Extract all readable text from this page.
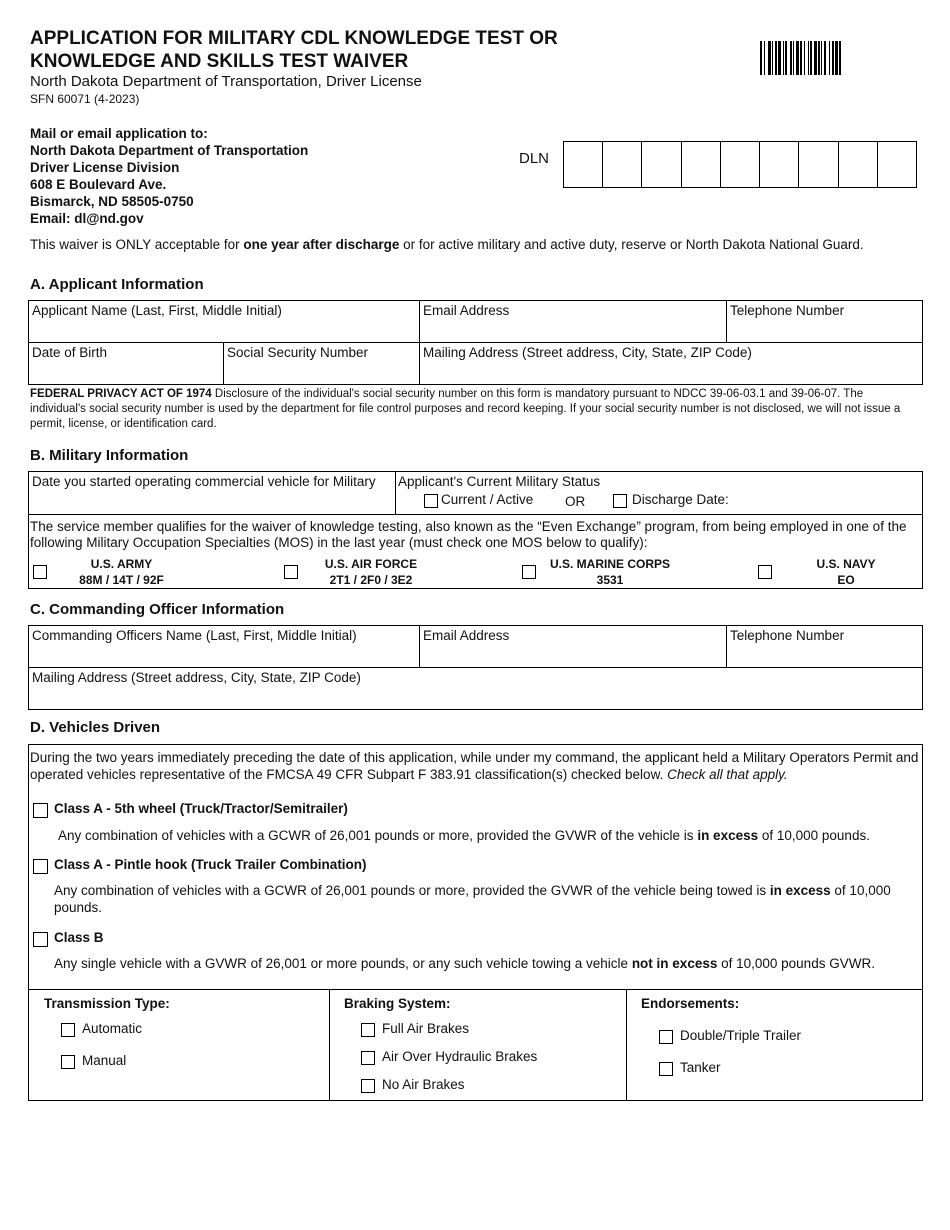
APPLICATION FOR MILITARY CDL KNOWLEDGE TEST OR KNOWLEDGE AND SKILLS TEST WAIVER
North Dakota Department of Transportation, Driver License
SFN 60071 (4-2023)
Mail or email application to:
North Dakota Department of Transportation
Driver License Division
608 E Boulevard Ave.
Bismarck, ND 58505-0750
Email: dl@nd.gov
DLN
This waiver is ONLY acceptable for one year after discharge or for active military and active duty, reserve or North Dakota National Guard.
A. Applicant Information
Applicant Name (Last, First, Middle Initial)	Email Address	Telephone Number
Date of Birth	Social Security Number	Mailing Address (Street address, City, State, ZIP Code)
FEDERAL PRIVACY ACT OF 1974 Disclosure of the individual's social security number on this form is mandatory pursuant to NDCC 39-06-03.1 and 39-06-07. The individual's social security number is used by the department for file control purposes and record keeping. If your social security number is not disclosed, we will not issue a permit, license, or identification card.
B. Military Information
Date you started operating commercial vehicle for Military	Applicant's Current Military Status
Current / Active OR	Discharge Date:
The service member qualifies for the waiver of knowledge testing, also known as the “Even Exchange” program, from being employed in one of the following Military Occupation Specialties (MOS) in the last year (must check one MOS below to qualify):
U.S. ARMY
88M / 14T / 92F
U.S. AIR FORCE
2T1 / 2F0 / 3E2
U.S. MARINE CORPS
3531
U.S. NAVY
EO
C. Commanding Officer Information
Commanding Officers Name (Last, First, Middle Initial)	Email Address	Telephone Number
Mailing Address (Street address, City, State, ZIP Code)
D. Vehicles Driven
During the two years immediately preceding the date of this application, while under my command, the applicant held a Military Operators Permit and operated vehicles representative of the FMCSA 49 CFR Subpart F 383.91 classification(s) checked below. Check all that apply.
Class A - 5th wheel (Truck/Tractor/Semitrailer)
Any combination of vehicles with a GCWR of 26,001 pounds or more, provided the GVWR of the vehicle is in excess of 10,000 pounds.
Class A - Pintle hook (Truck Trailer Combination)
Any combination of vehicles with a GCWR of 26,001 pounds or more, provided the GVWR of the vehicle being towed is in excess of 10,000 pounds.
Class B
Any single vehicle with a GVWR of 26,001 or more pounds, or any such vehicle towing a vehicle not in excess of 10,000 pounds GVWR.
Transmission Type:
Automatic
Manual
Braking System:
Full Air Brakes
Air Over Hydraulic Brakes
No Air Brakes
Endorsements:
Double/Triple Trailer
Tanker
